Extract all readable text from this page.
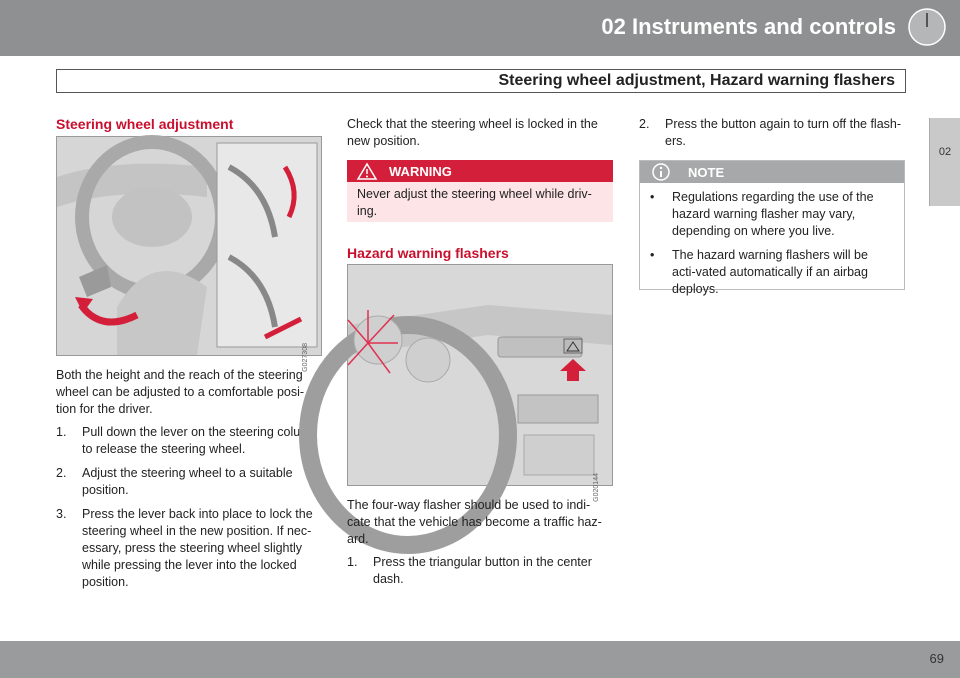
02 Instruments and controls
Steering wheel adjustment, Hazard warning flashers
02
Steering wheel adjustment
G027308

Both the height and the reach of the steering wheel can be adjusted to a comfortable posi-tion for the driver.

1. Pull down the lever on the steering column to release the steering wheel.
2. Adjust the steering wheel to a suitable position.
3. Press the lever back into place to lock the steering wheel in the new position. If nec-essary, press the steering wheel slightly while pressing the lever into the locked position.

Check that the steering wheel is locked in the new position.

WARNING

Never adjust the steering wheel while driv-ing.

Hazard warning flashers
G020144

The four-way flasher should be used to indi-cate that the vehicle has become a traffic haz-ard.

1. Press the triangular button in the center dash.
2. Press the button again to turn off the flash-ers.
NOTE
• Regulations regarding the use of the hazard warning flasher may vary, depending on where you live.
• The hazard warning flashers will be acti-vated automatically if an airbag deploys.
69
